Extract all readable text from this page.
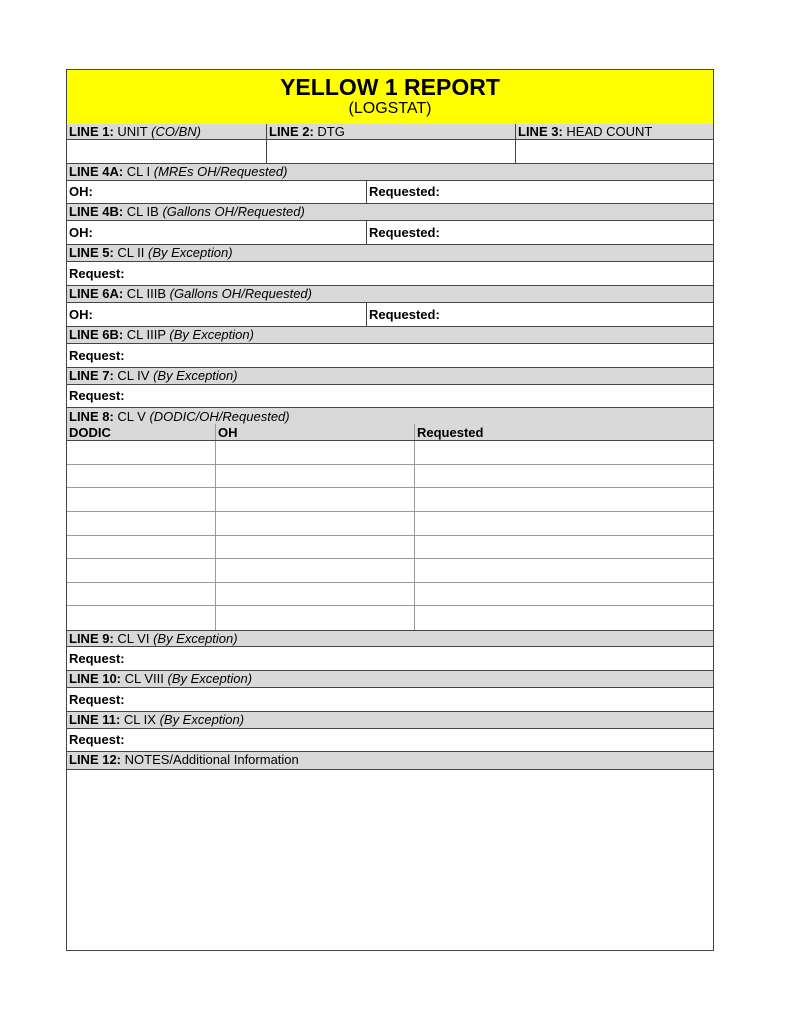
YELLOW 1 REPORT
(LOGSTAT)
LINE 1: UNIT (CO/BN)	LINE 2: DTG	LINE 3: HEAD COUNT
LINE 4A: CL I (MREs OH/Requested)
OH:	Requested:
LINE 4B: CL IB (Gallons OH/Requested)
OH:	Requested:
LINE 5: CL II (By Exception)
Request:
LINE 6A: CL IIIB (Gallons OH/Requested)
OH:	Requested:
LINE 6B: CL IIIP (By Exception)
Request:
LINE 7: CL IV (By Exception)
Request:
LINE 8: CL V (DODIC/OH/Requested)
DODIC	OH	Requested
LINE 9: CL VI (By Exception)
Request:
LINE 10: CL VIII (By Exception)
Request:
LINE 11: CL IX (By Exception)
Request:
LINE 12: NOTES/Additional Information
